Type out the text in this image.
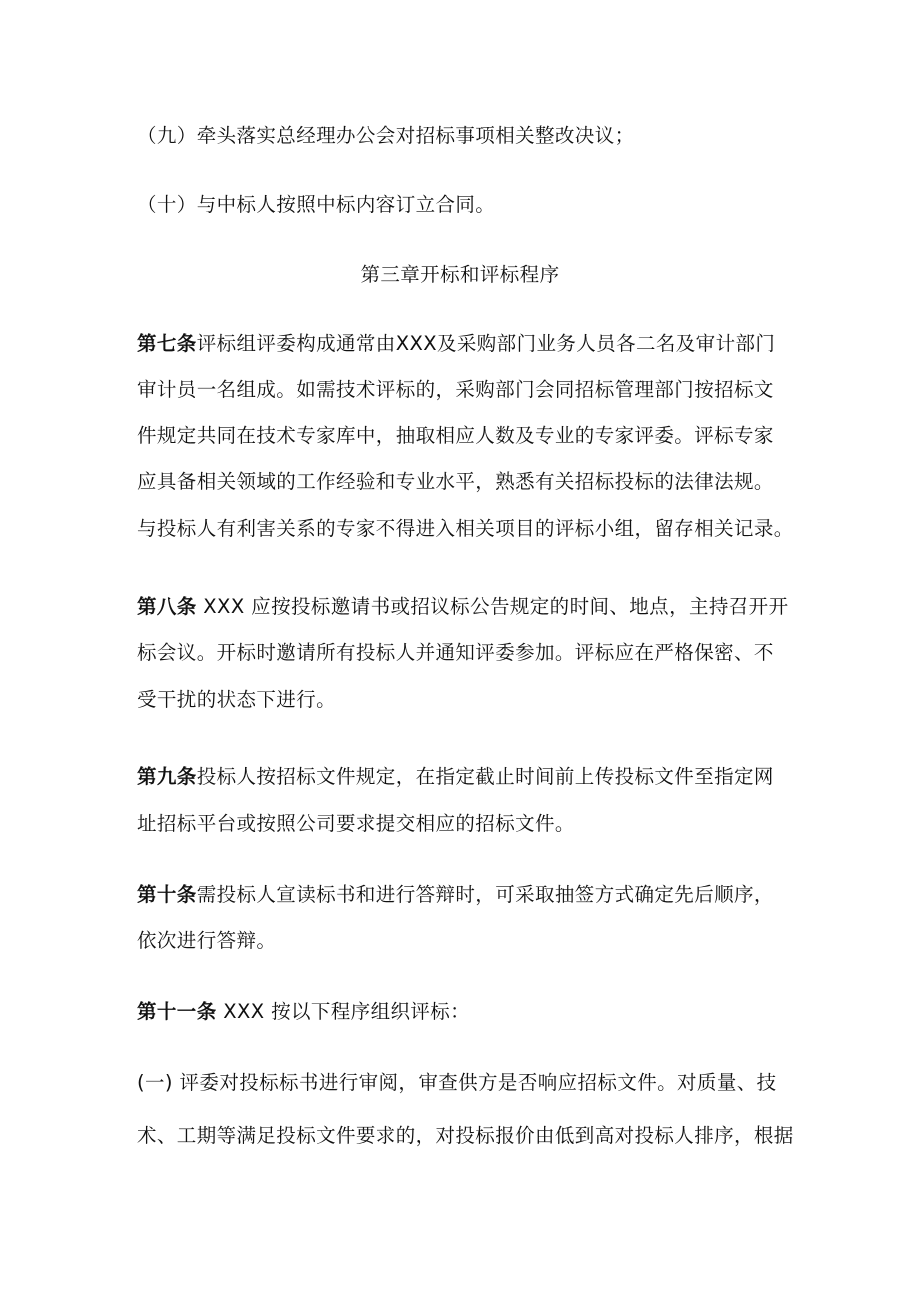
（九）牵头落实总经理办公会对招标事项相关整改决议；
（十）与中标人按照中标内容订立合同。
第三章开标和评标程序
第七条评标组评委构成通常由XXX及采购部门业务人员各二名及审计部门
审计员一名组成。如需技术评标的，采购部门会同招标管理部门按招标文
件规定共同在技术专家库中，抽取相应人数及专业的专家评委。评标专家
应具备相关领域的工作经验和专业水平，熟悉有关招标投标的法律法规。
与投标人有利害关系的专家不得进入相关项目的评标小组，留存相关记录。
第八条 XXX 应按投标邀请书或招议标公告规定的时间、地点，主持召开开
标会议。开标时邀请所有投标人并通知评委参加。评标应在严格保密、不
受干扰的状态下进行。
第九条投标人按招标文件规定，在指定截止时间前上传投标文件至指定网
址招标平台或按照公司要求提交相应的招标文件。
第十条需投标人宣读标书和进行答辩时，可采取抽签方式确定先后顺序，
依次进行答辩。
第十一条 XXX 按以下程序组织评标：
(一) 评委对投标标书进行审阅，审查供方是否响应招标文件。对质量、技
术、工期等满足投标文件要求的，对投标报价由低到高对投标人排序，根据
